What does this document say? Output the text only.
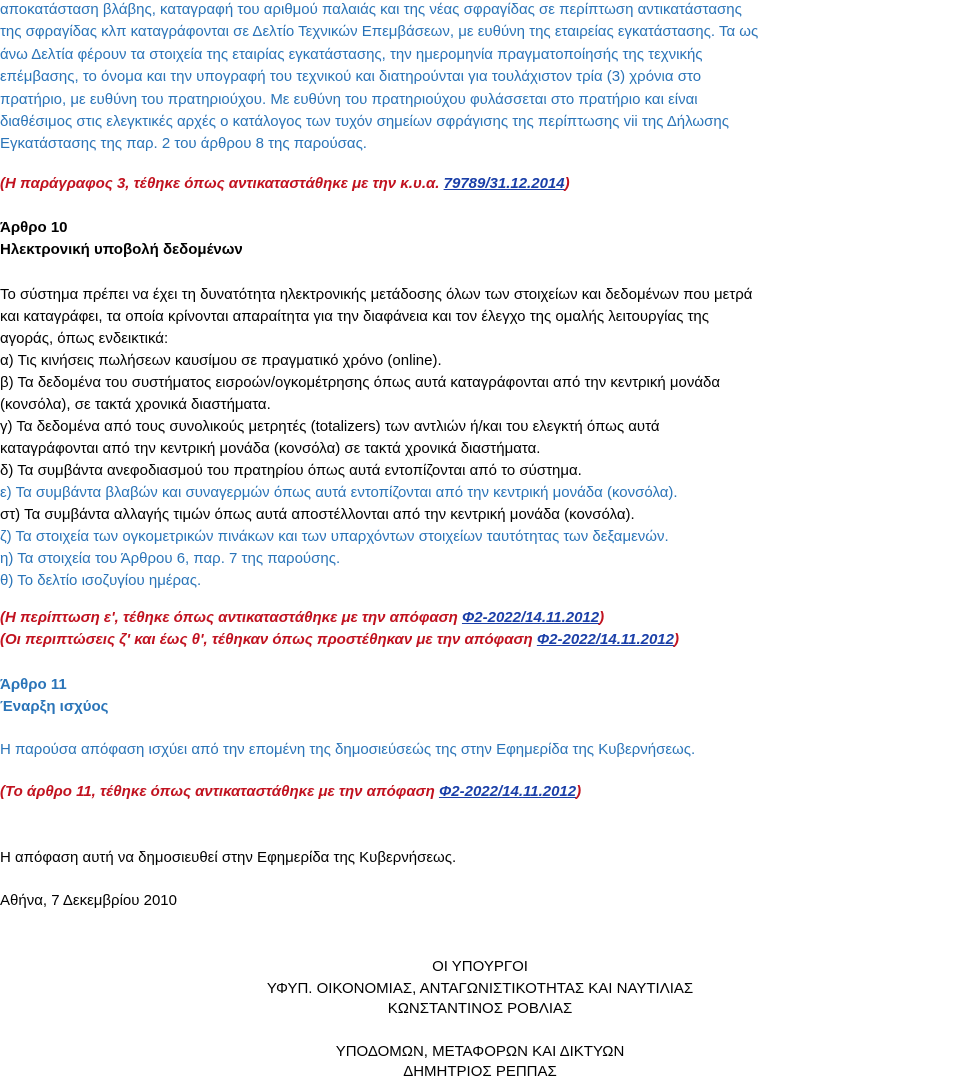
αποκατάσταση βλάβης, καταγραφή του αριθμού παλαιάς και της νέας σφραγίδας σε περίπτωση αντικατάστασης
της σφραγίδας κλπ καταγράφονται σε Δελτίο Τεχνικών Επεμβάσεων, με ευθύνη της εταιρείας εγκατάστασης. Τα ως
άνω Δελτία φέρουν τα στοιχεία της εταιρίας εγκατάστασης, την ημερομηνία πραγματοποίησής της τεχνικής
επέμβασης, το όνομα και την υπογραφή του τεχνικού και διατηρούνται για τουλάχιστον τρία (3) χρόνια στο
πρατήριο, με ευθύνη του πρατηριούχου. Με ευθύνη του πρατηριούχου φυλάσσεται στο πρατήριο και είναι
διαθέσιμος στις ελεγκτικές αρχές ο κατάλογος των τυχόν σημείων σφράγισης της περίπτωσης vii της Δήλωσης
Εγκατάστασης της παρ. 2 του άρθρου 8 της παρούσας.
(Η παράγραφος 3, τέθηκε όπως αντικαταστάθηκε με την κ.υ.α. 79789/31.12.2014)
Άρθρο 10
Ηλεκτρονική υποβολή δεδομένων
Το σύστημα πρέπει να έχει τη δυνατότητα ηλεκτρονικής μετάδοσης όλων των στοιχείων και δεδομένων που μετρά
και καταγράφει, τα οποία κρίνονται απαραίτητα για την διαφάνεια και τον έλεγχο της ομαλής λειτουργίας της
αγοράς, όπως ενδεικτικά:
α) Τις κινήσεις πωλήσεων καυσίμου σε πραγματικό χρόνο (online).
β) Τα δεδομένα του συστήματος εισροών/ογκομέτρησης όπως αυτά καταγράφονται από την κεντρική μονάδα
(κονσόλα), σε τακτά χρονικά διαστήματα.
γ) Τα δεδομένα από τους συνολικούς μετρητές (totalizers) των αντλιών ή/και του ελεγκτή όπως αυτά
καταγράφονται από την κεντρική μονάδα (κονσόλα) σε τακτά χρονικά διαστήματα.
δ) Τα συμβάντα ανεφοδιασμού του πρατηρίου όπως αυτά εντοπίζονται από το σύστημα.
ε) Τα συμβάντα βλαβών και συναγερμών όπως αυτά εντοπίζονται από την κεντρική μονάδα (κονσόλα).
στ) Τα συμβάντα αλλαγής τιμών όπως αυτά αποστέλλονται από την κεντρική μονάδα (κονσόλα).
ζ) Τα στοιχεία των ογκομετρικών πινάκων και των υπαρχόντων στοιχείων ταυτότητας των δεξαμενών.
η) Τα στοιχεία του Άρθρου 6, παρ. 7 της παρούσης.
θ) Το δελτίο ισοζυγίου ημέρας.
(Η περίπτωση ε', τέθηκε όπως αντικαταστάθηκε με την απόφαση Φ2-2022/14.11.2012)
(Οι περιπτώσεις ζ' και έως θ', τέθηκαν όπως προστέθηκαν με την απόφαση Φ2-2022/14.11.2012)
Άρθρο 11
Έναρξη ισχύος
Η παρούσα απόφαση ισχύει από την επομένη της δημοσιεύσεώς της στην Εφημερίδα της Κυβερνήσεως.
(Το άρθρο 11, τέθηκε όπως αντικαταστάθηκε με την απόφαση Φ2-2022/14.11.2012)
Η απόφαση αυτή να δημοσιευθεί στην Εφημερίδα της Κυβερνήσεως.
Αθήνα, 7 Δεκεμβρίου 2010
ΟΙ ΥΠΟΥΡΓΟΙ
ΥΦΥΠ. ΟΙΚΟΝΟΜΙΑΣ, ΑΝΤΑΓΩΝΙΣΤΙΚΟΤΗΤΑΣ ΚΑΙ ΝΑΥΤΙΛΙΑΣ
ΚΩΝΣΤΑΝΤΙΝΟΣ ΡΟΒΛΙΑΣ
ΥΠΟΔΟΜΩΝ, ΜΕΤΑΦΟΡΩΝ ΚΑΙ ΔΙΚΤΥΩΝ
ΔΗΜΗΤΡΙΟΣ ΡΕΠΠΑΣ
